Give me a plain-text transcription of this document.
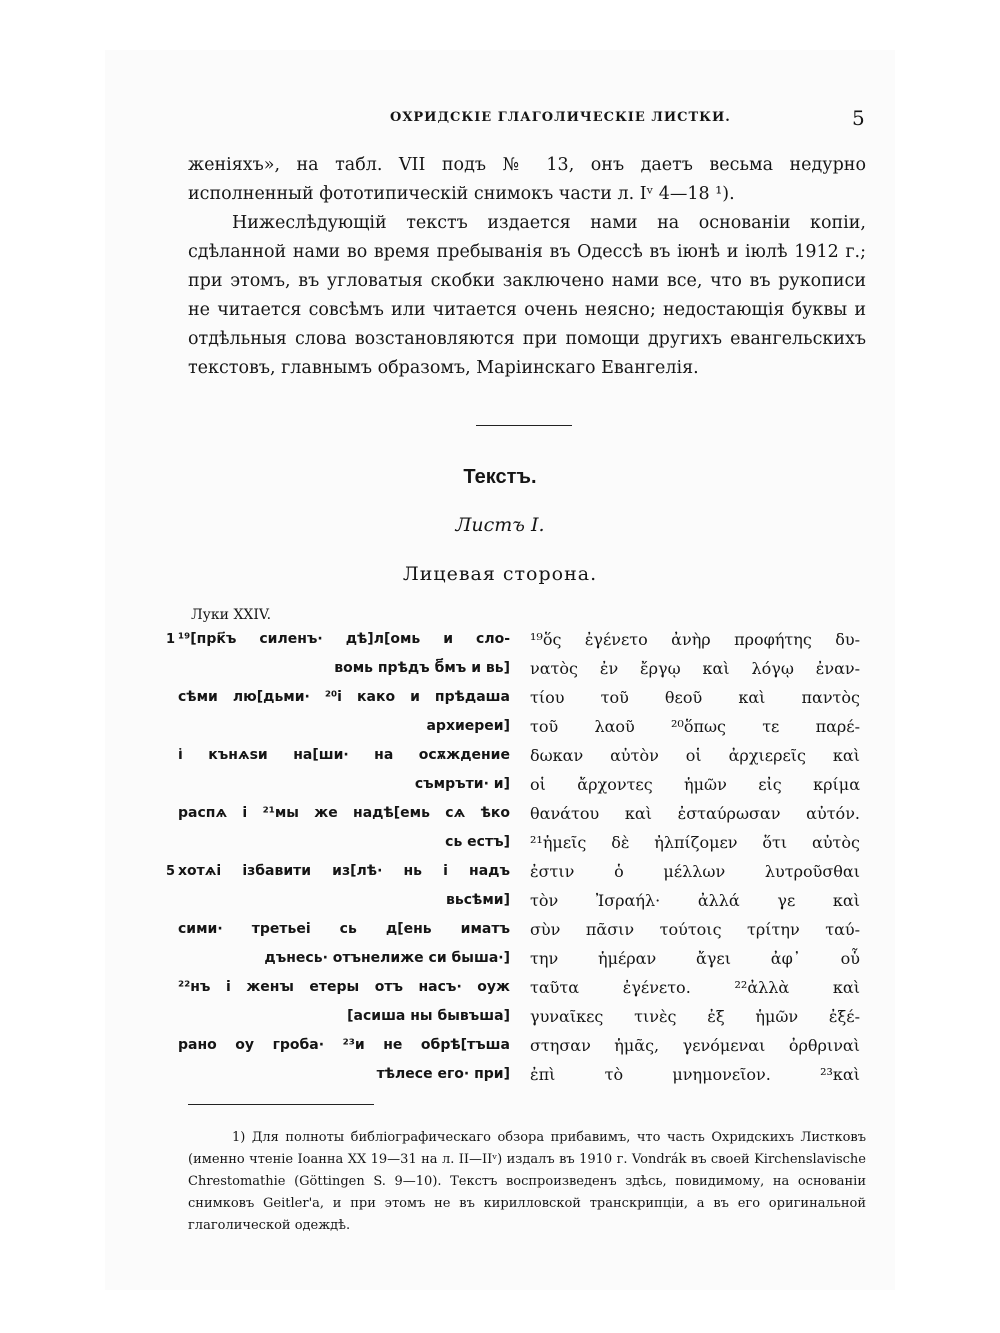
ОХРИДСКІЕ ГЛАГОЛИЧЕСКІЕ ЛИСТКИ.	5

женіяхъ», на табл. VII подъ № 13, онъ даетъ весьма недурно исполненный фототипическій снимокъ части л. Iᵛ 4—18 ¹).

Нижеслѣдующій текстъ издается нами на основаніи копіи, сдѣланной нами во время пребыванія въ Одессѣ въ іюнѣ и іюлѣ 1912 г.; при этомъ, въ угловатыя скобки заключено нами все, что въ рукописи не читается совсѣмъ или читается очень неясно; недостающія буквы и отдѣльныя слова возстановляются при помощи другихъ евангельскихъ текстовъ, главнымъ образомъ, Маріинскаго Евангелія.

Текстъ.
Листъ I.
Лицевая сторона.
Луки XXIV.
1 ¹⁹[прк҃ъ силенъ· дѣ]л[омь и сло-
вомь прѣдъ б҃мъ и вь]
сѣми лю[дьми· ²⁰і како и прѣдаша
архиереи]
і҅ кънѧѕи на[ши· на осѫждение
съмръти· и]
распѧ і ²¹мы же надѣ[емь сѧ ѣко
сь естъ]
5 хотѧі ізбавити из[лѣ· нь і надъ
вьсѣми]
сими· третьеі сь д[ень иматъ
дънесь· отънелиже си быша·]
²²нъ і женꙑ етеры отъ насъ· оуж
[асиша ны бывъша]
рано оу гроба· ²³и не обрѣ[тъша
тѣлесе его· при]
¹⁹ὅς ἐγένετο ἀνὴρ προφήτης δυ-
νατὸς ἐν ἔργῳ καὶ λόγῳ ἐναν-
τίου τοῦ θεοῦ καὶ παντὸς
τοῦ λαοῦ ²⁰ὅπως τε παρέ-
δωκαν αὐτὸν οἱ ἀρχιερεῖς καὶ
οἱ ἄρχοντες ἡμῶν εἰς κρίμα
θανάτου καὶ ἐσταύρωσαν αὐτόν.
²¹ἡμεῖς δὲ ἠλπίζομεν ὅτι αὐτὸς
ἐστιν ὁ μέλλων λυτροῦσθαι
τὸν Ἰσραήλ· ἀλλά γε καὶ
σὺν πᾶσιν τούτοις τρίτην ταύ-
την ἡμέραν ἄγει ἀφ᾽ οὗ
ταῦτα ἐγένετο. ²²ἀλλὰ καὶ
γυναῖκες τινὲς ἐξ ἡμῶν ἐξέ-
στησαν ἡμᾶς, γενόμεναι ὀρθριναὶ
ἐπὶ τὸ μνημονεῖον. ²³καὶ

1) Для полноты библіографическаго обзора прибавимъ, что часть Охридскихъ Листковъ (именно чтеніе Іоанна XX 19—31 на л. II—IIᵛ) издалъ въ 1910 г. Vondrák въ своей Kirchenslavische Chrestomathie (Göttingen S. 9—10). Текстъ воспроизведенъ здѣсь, повидимому, на основаніи снимковъ Geitler'а, и при этомъ не въ кирилловской транскрипціи, а въ его оригинальной глаголической одеждѣ.
